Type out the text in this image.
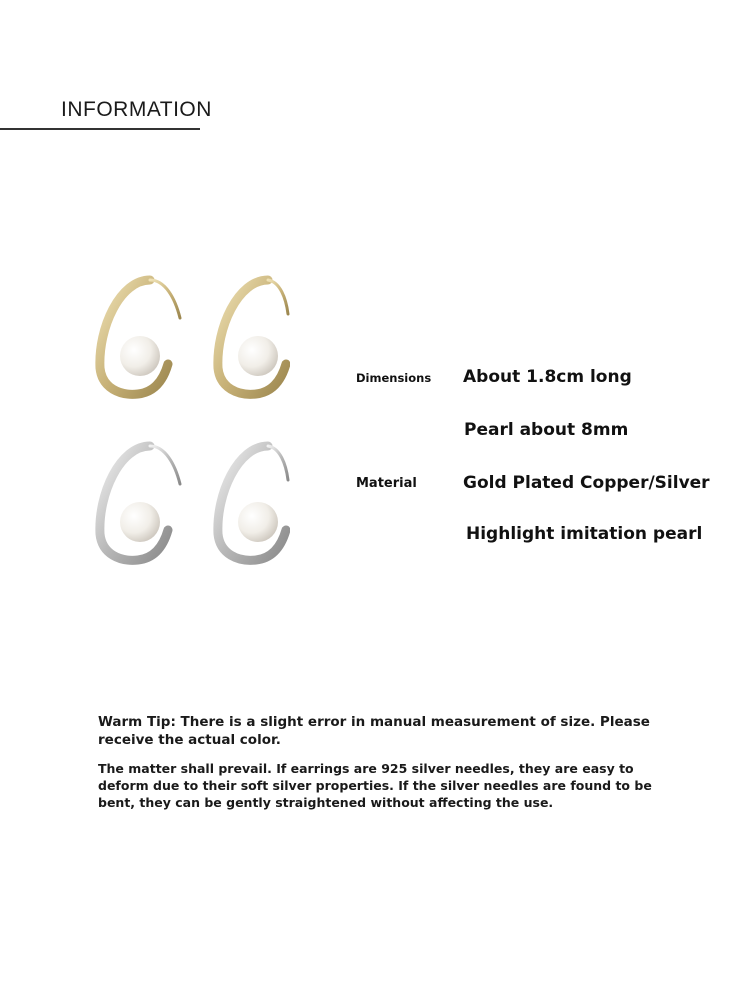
INFORMATION
Dimensions About 1.8cm long
Pearl about 8mm
Material	Gold Plated Copper/Silver
Highlight imitation pearl
Warm Tip: There is a slight error in manual measurement of size. Please receive the actual color.
The matter shall prevail. If earrings are 925 silver needles, they are easy to deform due to their soft silver properties. If the silver needles are found to be bent, they can be gently straightened without affecting the use.
